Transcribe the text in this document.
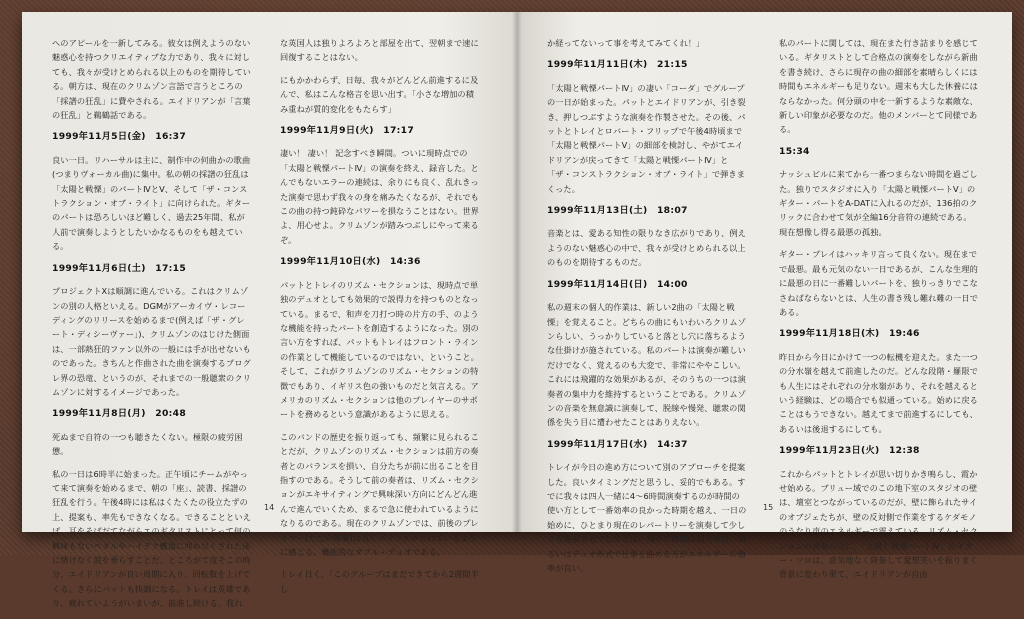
へのアピールを一新してみる。彼女は例えようのない魅惑心を持つクリエイティブな力であり、我々に対しても、我々が受けとめられる以上のものを期待している。朝方は、現在のクリムゾン言語で言うところの「採譜の狂乱」に費やされる。エイドリアンが「言葉の狂乱」と鵜鶴話である。

1999年11月5日(金)　16:37

良い一日。リハーサルは主に、制作中の何曲かの歌曲(つまりヴォーカル曲)に集中。私の朝の採譜の狂乱は「太陽と戦慄」のパートⅣとⅤ、そして「ザ・コンストラクション・オブ・ライト」に向けられた。ギターのパートは恐ろしいほど難しく、過去25年間、私が人前で演奏しようとしたいかなるものをも越えている。

1999年11月6日(土)　17:15

プロジェクトXは順調に進んでいる。これはクリムゾンの別の人格といえる。DGMがアーカイヴ・レコーディングのリリースを始めるまで(例えば「ザ・グレート・ディシーヴァー」)、クリムゾンのはじけた側面は、一部熱狂的ファン以外の一般には手が出せないものであった。きちんと作曲された曲を演奏するプログレ界の恐竜、というのが、それまでの一般聴衆のクリムゾンに対するイメージであった。

1999年11月8日(月)　20:48

死ぬまで自符の一つも聴きたくない。極限の疲労困憊。

私の一日は6時半に始まった。正午頃にチームがやって来て演奏を始めるまで、朝の「座」、読書、採譜の狂乱を行う。午後4時には私はくたくたの役立たずの上、提案も、率先もできなくなる。できることといえば、耳をそばだてながらエのギタリストにとって何の興味もないペダルやハイテク機器に埋め尽くされた床に情けなく涙を垂らすことだ。ところがて度そこの時分、エイドリアンが良い周期に入り、回転数を上げてくる。さらにパットも快調になる。トレイは英雄であり、疲れていようがいまいが、前進し続ける。我れ

な英国人は独りよろよろと部屋を出て、翌朝まで速に回復することはない。

にもかかわらず、日毎、我々がどんどん前進するに及んで、私はこんな格言を思い出す。「小さな増加の積み重ねが質的変化をもたらす」

1999年11月9日(火)　17:17

凄い！ 凄い！ 記念すべき瞬間。ついに現時点での「太陽と戦慄パートⅣ」の演奏を終え、録音した。とんでもないエラーの連続は、余りにも良く、乱れきった演奏で思わず我々の身を痛みたくなるが、それでもこの曲の持つ鈍砕なパワーを損なうことはない。世界よ、用心せよ。クリムゾンが踏みつぶしにやって来るぞ。

1999年11月10日(水)　14:36

パットとトレイのリズム・セクションは、現時点で単独のデュオとしても効果的で説得力を持つものとなっている。まるで、和声を刀打つ時の片方の手、のような機能を持ったパートを創造するようになった。別の言い方をすれば、パットもトレイはフロント・ラインの作業として機能しているのではない、ということ。そして、これがクリムゾンのリズム・セクションの特徴でもあり、イギリス色の強いものだと気言える。アメリカのリズム・セクションは他のプレイヤーのサポートを務めるという意識があるように思える。

このバンドの歴史を振り返っても、頻繁に見られることだが、クリムゾンのリズム・セクションは前方の奏者とのバランスを損い、自分たちが前に出ることを目指すのである。そうして前の奏者は、リズム・セクションがエキサイティングで興味深い方向にどんどん進んで進んでいくため、まるで急に使われているようになりるのである。現在のクリムゾンでは、前後のプレイヤー(ただの障噺)は良くバランスがとれているように感じる。機能的なダブル・デュオである。

トレイ日く、「このグループはまだできてから2週間半し

14

か経ってないって事を考えてみてくれ！」

1999年11月11日(木)　21:15

「太陽と戦慄パートⅣ」の凄い「コーダ」でグループの一日が始まった。パットとエイドリアンが、引き裂き、押しつぶすような演奏を作製させた。その後、パットとトレイとロバート・フリップで午後4時頃まで「太陽と戦慄パートⅤ」の細部を検討し、やがてエイドリアンが戻ってきて「太陽と戦慄パートⅣ」と「ザ・コンストラクション・オブ・ライト」で弾きまくった。

1999年11月13日(土)　18:07

音楽とは、愛ある知性の限りなき広がりであり、例えようのない魅惑心の中で、我々が受けとめられる以上のものを期待するものだ。

1999年11月14日(日)　14:00

私の週末の個人的作業は、新しい2曲の「太陽と戦慄」を覚えること。どちらの曲にもいわいろクリムゾンらしい、うっかりしていると落とし穴に落ちるような仕掛けが施されている。私のパートは演奏が難しいだけでなく、覚えるのも大変で、非常にややこしい。これには飛躍的な効果があるが、そのうちの一つは演奏者の集中力を維持するということである。クリムゾンの音楽を無意識に演奏して、脱線や慢発、聴衆の関係を失う目に遭わせたことはありえない。

1999年11月17日(水)　14:37

トレイが今日の進め方について別のアプローチを提案した。良いタイミングだと思うし、妥的でもある。すでに我々は四人一緒に4〜6時間演奏するのが時間の使い方として一番効率の良かった時期を越え、一日の始めに、ひとまり現在のレパートリーを演奏して少しでも進展させてしまえば、残りの時間は個人単位、あるいはデュオ形式で仕事を進める方がエネルギーの効率が良い。

私のパートに関しては、現在また行き詰まりを感じている。ギタリストとして合格点の演奏をしながら新曲を書き続け、さらに現存の曲の細部を素晴らしくには時間もエネルギーも足りない。週末も大した休養にはならなかった。何分頭の中を一新するような素敵な、新しい印象が必要なのだ。他のメンバーとて同様である。

15:34

ナッシュビルに来てから一番つまらない時間を過ごした。独りでスタジオに入り「太陽と戦慄パートⅤ」のギター・パートをA-DATに入れるのだが、136拍のクリックに合わせて気が全編16分音符の連続である。現在想像し得る最悪の孤独。

ギター・プレイはハッキリ言って良くない。現在までで最悪。最も元気のない一日であるが、こんな生理的に最悪の日に一番難しいパートを、独りっきりでこなさねばならないとは、人生の書き残し難れ難の一日である。

1999年11月18日(木)　19:46

昨日から今日にかけて一つの転機を迎えた。また一つの分水嶺を越えて前進したのだ。どんな段階・羅限でも人生にはそれぞれの分水嶺があり、それを越えるという経験は、どの場合でも似通っている。始めに戻ることはもうできない。越えてまで前進するにしても、あるいは後退するにしても。

1999年11月23日(火)　12:38

これからパットとトレイが思い切りかき鳴らし、霞かせ始める。ブリュー域でのこの地下室のスタジオの壁は、壇室とつながっているのだが、壁に飾られたサイのオブジェたちが、壁の反対側で作業をするケダモノのうなり声のエネルギーで震えている。リズム・セクションの演奏の次に、「太陽と戦慄パートⅣ」のギター・ソロは、意気地なく降参して愛想笑いを振りまく背景に変わり果て、エイドリアンが自由

15
